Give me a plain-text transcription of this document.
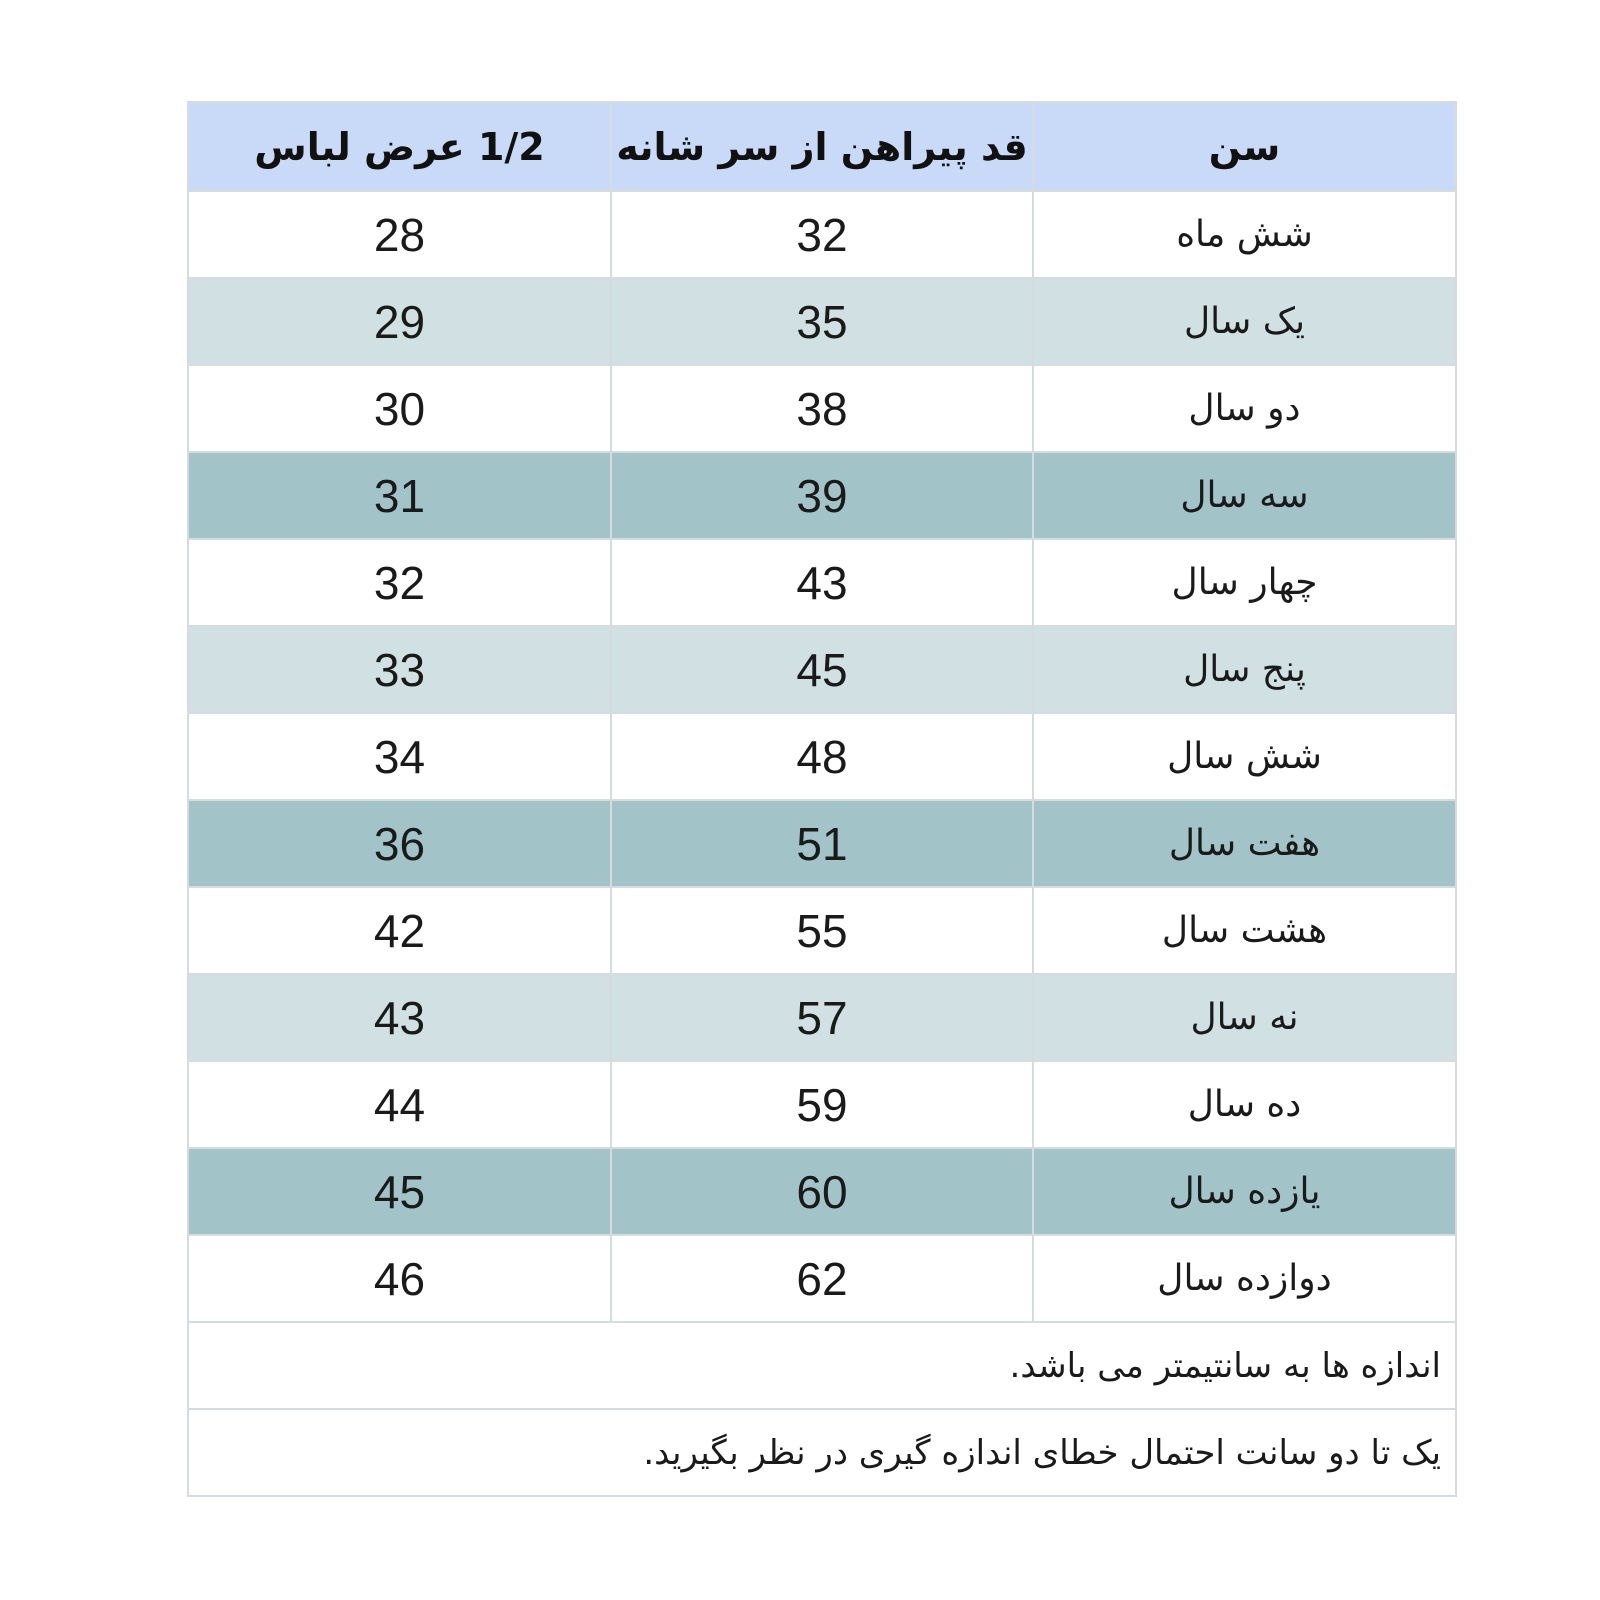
سن	قد پیراهن از سر شانه	1/2 عرض لباس
شش ماه	32	28
یک سال	35	29
دو سال	38	30
سه سال	39	31
چهار سال	43	32
پنج سال	45	33
شش سال	48	34
هفت سال	51	36
هشت سال	55	42
نه سال	57	43
ده سال	59	44
یازده سال	60	45
دوازده سال	62	46
اندازه ها به سانتیمتر می باشد.		
یک تا دو سانت احتمال خطای اندازه گیری در نظر بگیرید.		
